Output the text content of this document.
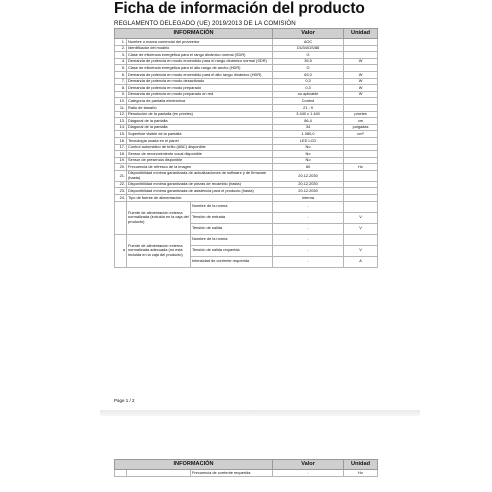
Ficha de información del producto
REGLAMENTO DELEGADO (UE) 2019/2013 DE LA COMISIÓN
INFORMACIÓN			Valor	Unidad
1.	Nombre o marca comercial del proveedor		AOC	
2.	Identificador del modelo		DU3401S/88	
3.	Clase de eficiencia energética para el rango dinámico normal (SDR)		G	
4.	Demanda de potencia en modo encendido para el rango dinámico normal (SDR)		39,5	W
5.	Clase de eficiencia energética para el alto rango de ancho (HDR)		G	
6.	Demanda de potencia en modo encendido para el alto rango dinámico (HDR)		63,0	W
7.	Demanda de potencia en modo desactivado		0,3	W
8.	Demanda de potencia en modo preparado		0,3	W
9.	Demanda de potencia en modo preparado en red		no aplicable	W
10.	Categoría de pantalla electrónica		Control	
11.	Ratio de tamaño		21 : 9	
12.	Resolución de la pantalla (en píxeles)		3 440 x 1 440	píxeles
13.	Diagonal de la pantalla		86,4	cm
14.	Diagonal de la pantalla		34	pulgadas
15.	Superficie visible de la pantalla		1 080,0	cm²
16.	Tecnología usada en el panel		LED LCD	
17.	Control automático de brillo (ABC) disponible		No	
18.	Sensor de reconocimiento vocal disponible		No	
19.	Sensor de presencia disponible		No	
20.	Frecuencia de refresco de la imagen		60	Hz
21.	Disponibilidad mínima garantizada de actualizaciones de software y de firmware (hasta)		20.12.2030	
22.	Disponibilidad mínima garantizada de piezas de recambio (hasta)		20.12.2030	
23.	Disponibilidad mínima garantizada de asistencia para el producto (hasta)		20.12.2030	
24.	Tipo de fuente de alimentación:		Interna	
	Fuente de alimentación externa normalizada (incluida en la caja del producto)	Nombre de la norma	-	
		Tensión de entrada	-	V
		Tensión de salida	-	V
a	Fuente de alimentación externa normalizada adecuada (no está incluida en la caja del producto)	Nombre de la norma	-	
		Tensión de salida requerida	-	V
		Intensidad de corriente requerida	-	A
Page 1 / 2
INFORMACIÓN			Valor	Unidad
		Frecuencia de corriente requerida	-	Hz
